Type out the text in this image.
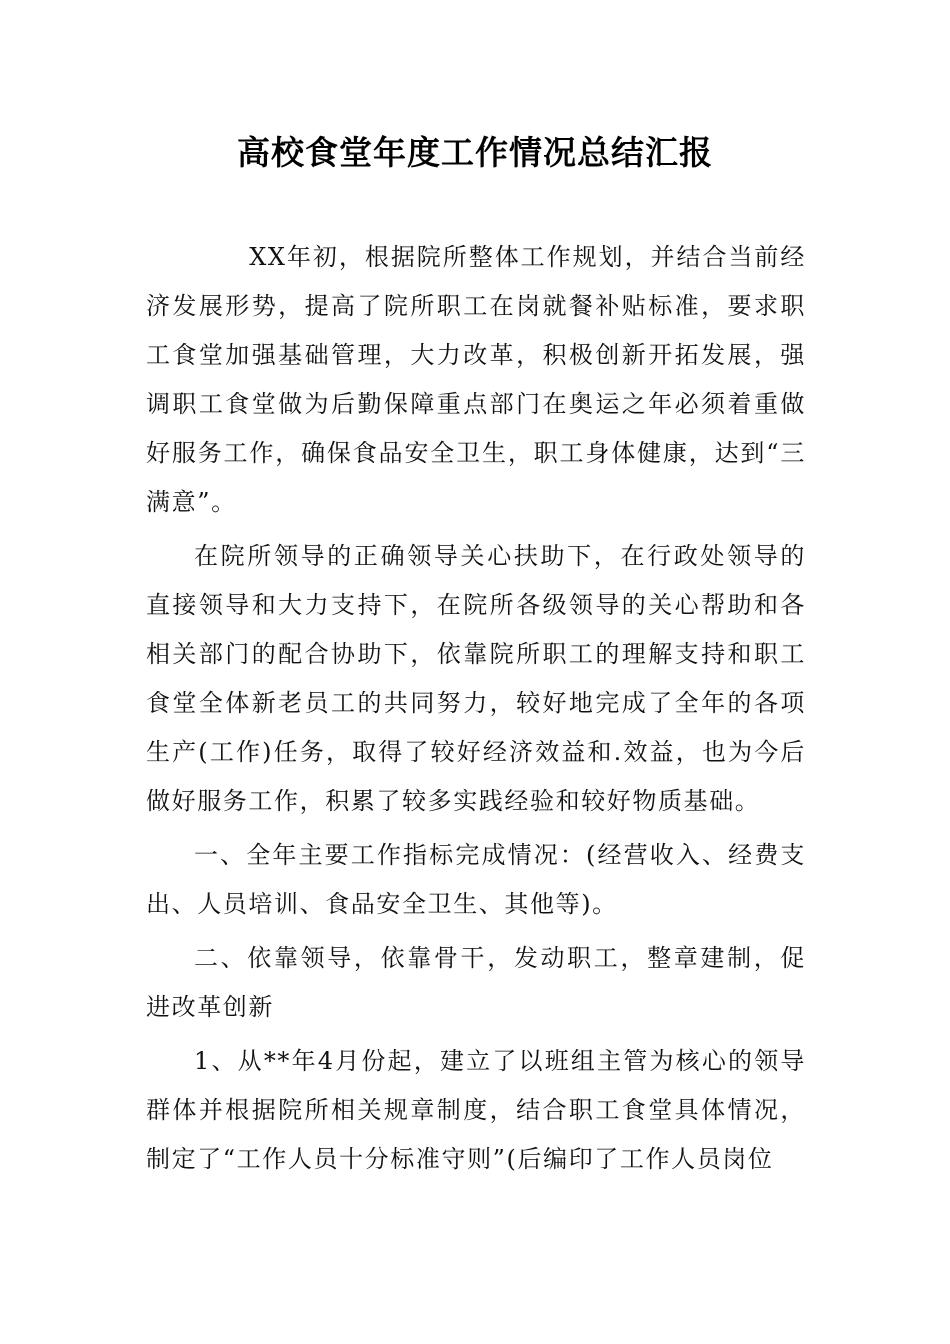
高校食堂年度工作情况总结汇报

XX年初，根据院所整体工作规划，并结合当前经济发展形势，提高了院所职工在岗就餐补贴标准，要求职工食堂加强基础管理，大力改革，积极创新开拓发展，强调职工食堂做为后勤保障重点部门在奥运之年必须着重做好服务工作，确保食品安全卫生，职工身体健康，达到“三满意”。

在院所领导的正确领导关心扶助下，在行政处领导的直接领导和大力支持下，在院所各级领导的关心帮助和各相关部门的配合协助下，依靠院所职工的理解支持和职工食堂全体新老员工的共同努力，较好地完成了全年的各项生产(工作)任务，取得了较好经济效益和.效益，也为今后做好服务工作，积累了较多实践经验和较好物质基础。

一、全年主要工作指标完成情况：(经营收入、经费支出、人员培训、食品安全卫生、其他等)。

二、依靠领导，依靠骨干，发动职工，整章建制，促进改革创新

1、从**年4月份起，建立了以班组主管为核心的领导群体并根据院所相关规章制度，结合职工食堂具体情况，制定了“工作人员十分标准守则”(后编印了工作人员岗位
